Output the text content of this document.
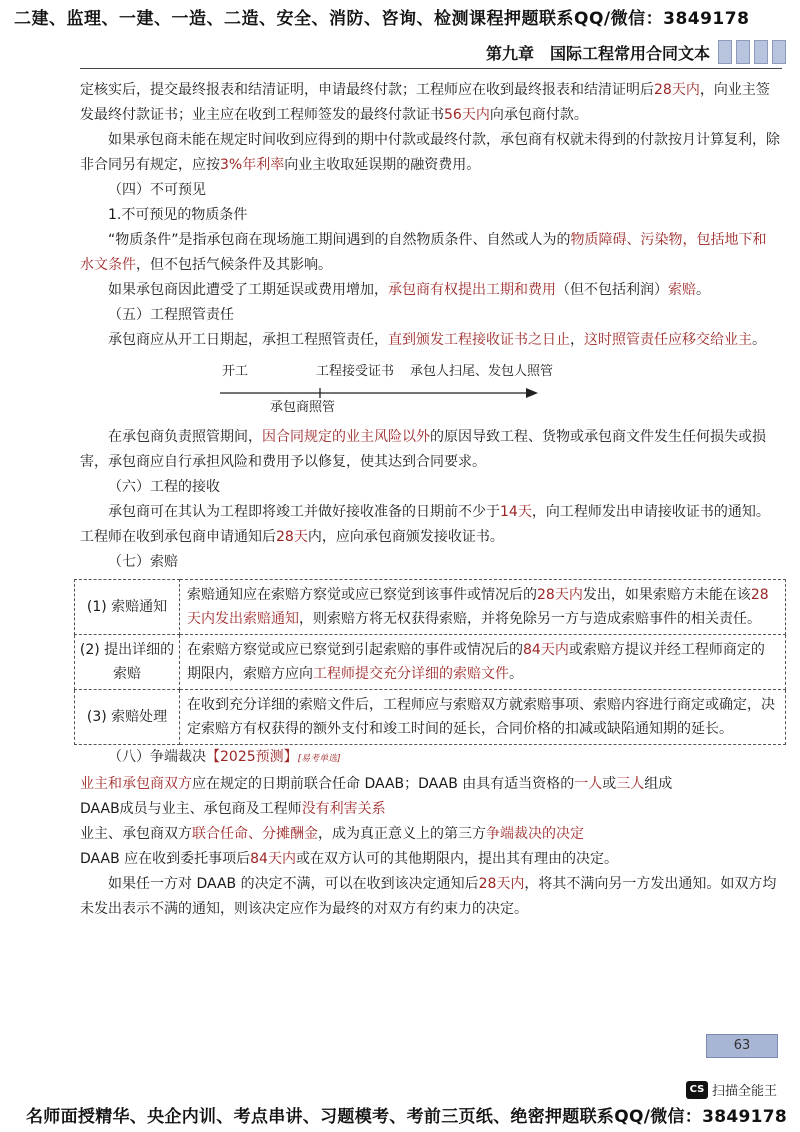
二建、监理、一建、一造、二造、安全、消防、咨询、检测课程押题联系QQ/微信：3849178
第九章　国际工程常用合同文本

定核实后，提交最终报表和结清证明，申请最终付款；工程师应在收到最终报表和结清证明后28天内，向业主签发最终付款证书；业主应在收到工程师签发的最终付款证书56天内向承包商付款。

如果承包商未能在规定时间收到应得到的期中付款或最终付款，承包商有权就未得到的付款按月计算复利，除非合同另有规定，应按3%年利率向业主收取延误期的融资费用。

（四）不可预见

1.不可预见的物质条件

“物质条件”是指承包商在现场施工期间遇到的自然物质条件、自然或人为的物质障碍、污染物，包括地下和水文条件，但不包括气候条件及其影响。

如果承包商因此遭受了工期延误或费用增加，承包商有权提出工期和费用（但不包括利润）索赔。

（五）工程照管责任

承包商应从开工日期起，承担工程照管责任，直到颁发工程接收证书之日止，这时照管责任应移交给业主。

开工	工程接受证书 承包人扫尾、发包人照管
承包商照管

在承包商负责照管期间，因合同规定的业主风险以外的原因导致工程、货物或承包商文件发生任何损失或损害，承包商应自行承担风险和费用予以修复，使其达到合同要求。

（六）工程的接收

承包商可在其认为工程即将竣工并做好接收准备的日期前不少于14天，向工程师发出申请接收证书的通知。工程师在收到承包商申请通知后28天内，应向承包商颁发接收证书。

（七）索赔

(1) 索赔通知	索赔通知应在索赔方察觉或应已察觉到该事件或情况后的28天内发出，如果索赔方未能在该28天内发出索赔通知，则索赔方将无权获得索赔，并将免除另一方与造成索赔事件的相关责任。
(2) 提出详细的索赔	在索赔方察觉或应已察觉到引起索赔的事件或情况后的84天内或索赔方提议并经工程师商定的期限内，索赔方应向工程师提交充分详细的索赔文件。
(3) 索赔处理	在收到充分详细的索赔文件后，工程师应与索赔双方就索赔事项、索赔内容进行商定或确定，决定索赔方有权获得的额外支付和竣工时间的延长，合同价格的扣减或缺陷通知期的延长。

（八）争端裁决【2025预测】[易考单选]

业主和承包商双方应在规定的日期前联合任命 DAAB；DAAB 由具有适当资格的一人或三人组成

DAAB成员与业主、承包商及工程师没有利害关系

业主、承包商双方联合任命、分摊酬金，成为真正意义上的第三方争端裁决的决定

DAAB 应在收到委托事项后84天内或在双方认可的其他期限内，提出其有理由的决定。

如果任一方对 DAAB 的决定不满，可以在收到该决定通知后28天内，将其不满向另一方发出通知。如双方均未发出表示不满的通知，则该决定应作为最终的对双方有约束力的决定。

63
CS 扫描全能王
名师面授精华、央企内训、考点串讲、习题模考、考前三页纸、绝密押题联系QQ/微信：3849178
